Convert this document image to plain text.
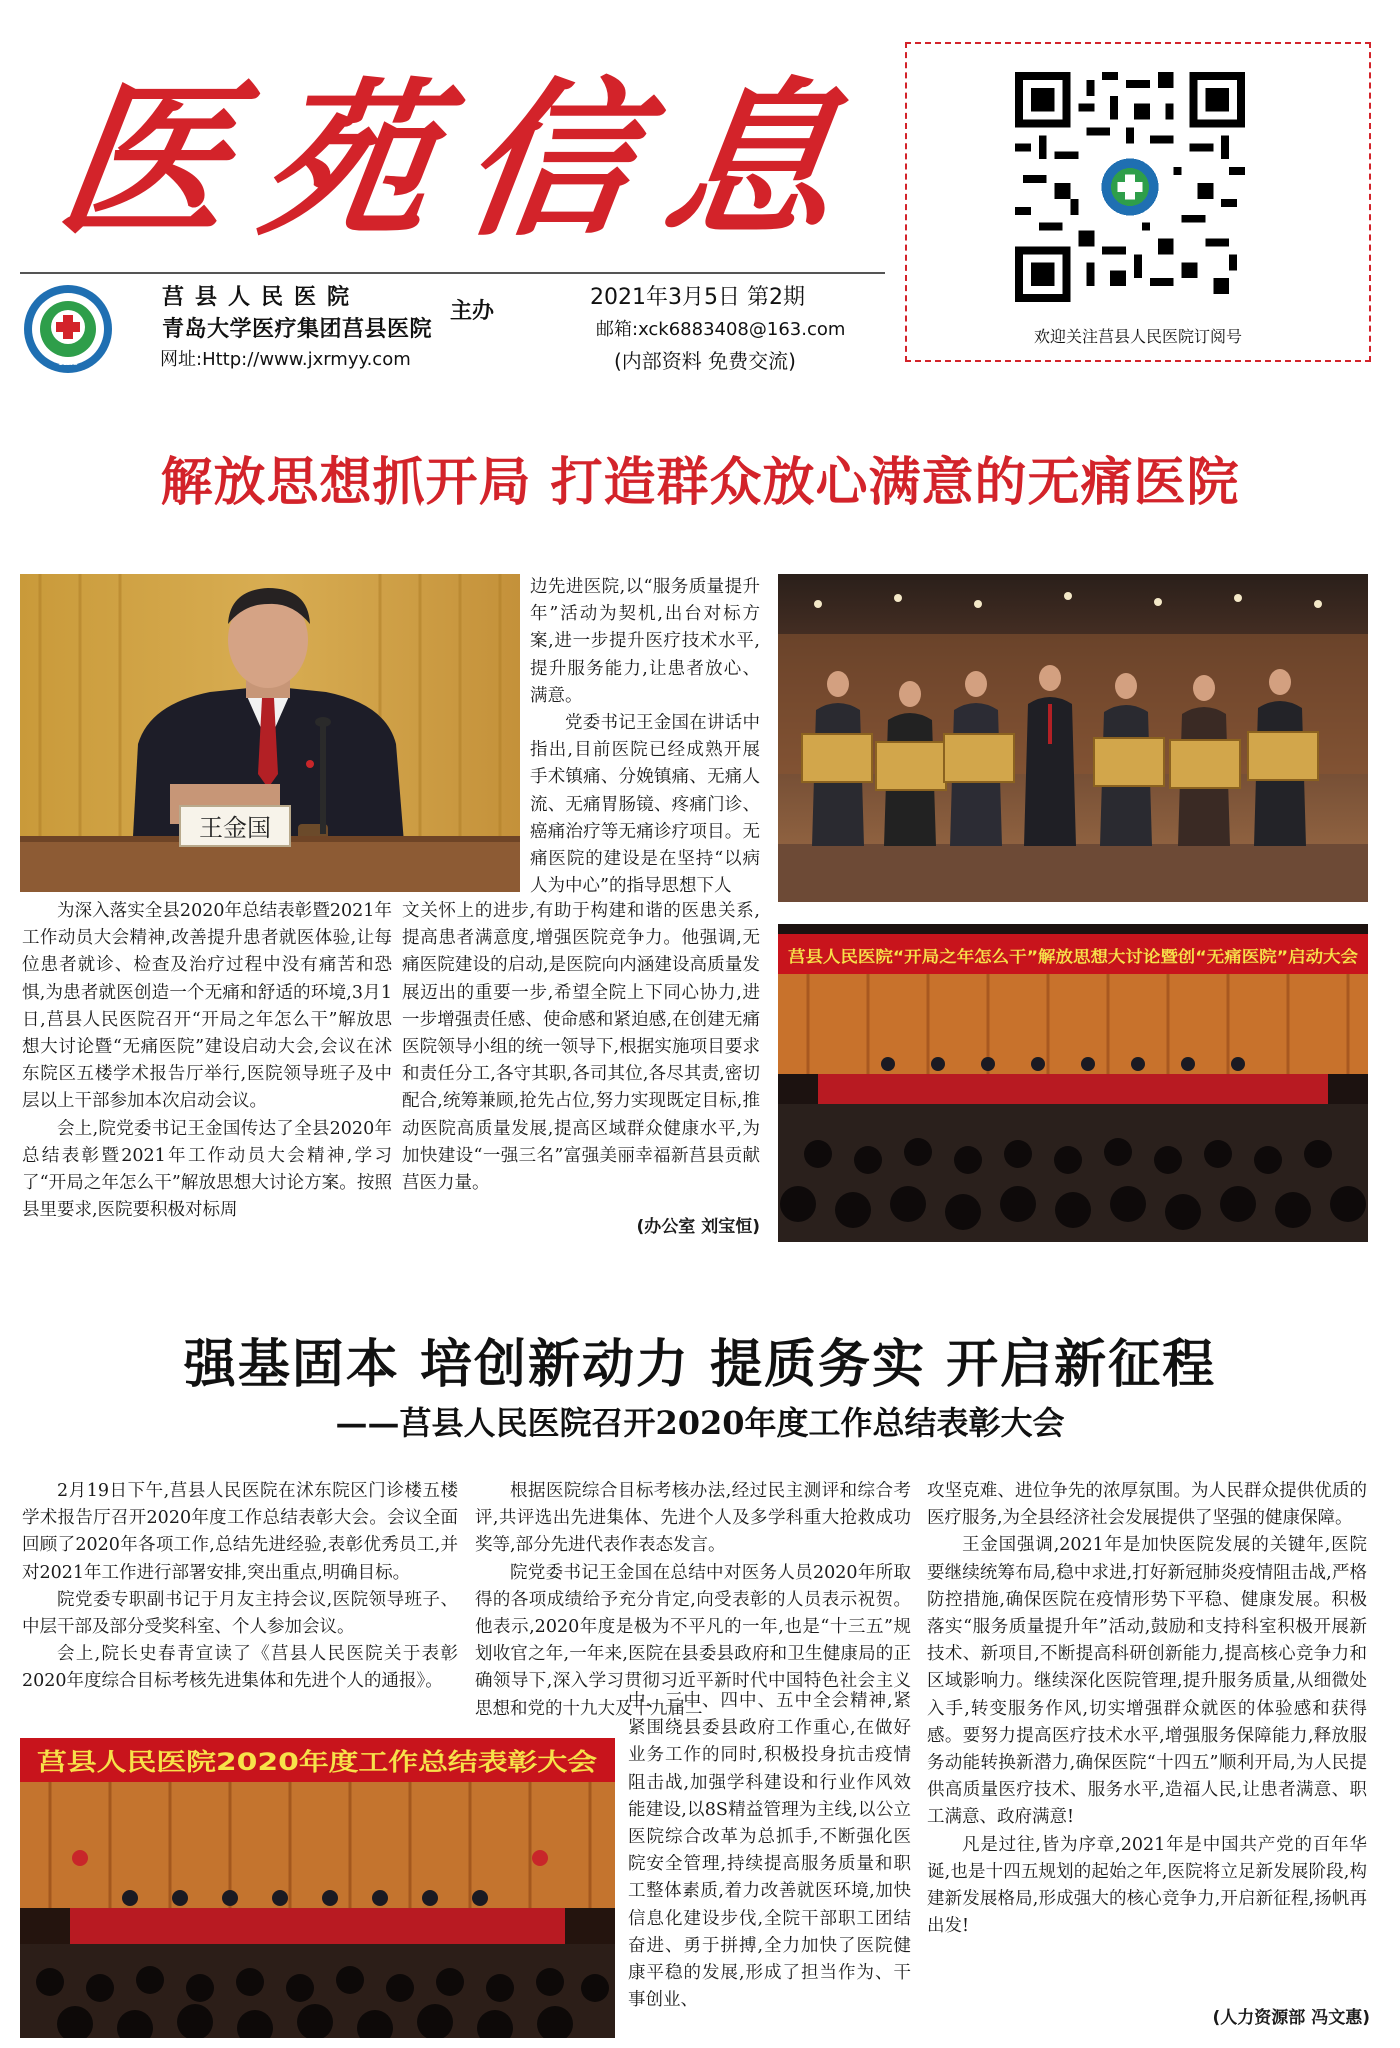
医苑信息
1943
莒县人民医院
青岛大学医疗集团莒县医院
主办
网址:Http://www.jxrmyy.com
2021年3月5日 第2期
邮箱:xck6883408@163.com
(内部资料 免费交流)
欢迎关注莒县人民医院订阅号
解放思想抓开局 打造群众放心满意的无痛医院
王金国

边先进医院,以“服务质量提升年”活动为契机,出台对标方案,进一步提升医疗技术水平,提升服务能力,让患者放心、满意。

党委书记王金国在讲话中指出,目前医院已经成熟开展手术镇痛、分娩镇痛、无痛人流、无痛胃肠镜、疼痛门诊、癌痛治疗等无痛诊疗项目。无痛医院的建设是在坚持“以病人为中心”的指导思想下人

莒县人民医院“开局之年怎么干”解放思想大讨论暨创“无痛医院”启动大会

为深入落实全县2020年总结表彰暨2021年工作动员大会精神,改善提升患者就医体验,让每位患者就诊、检查及治疗过程中没有痛苦和恐惧,为患者就医创造一个无痛和舒适的环境,3月1日,莒县人民医院召开“开局之年怎么干”解放思想大讨论暨“无痛医院”建设启动大会,会议在沭东院区五楼学术报告厅举行,医院领导班子及中层以上干部参加本次启动会议。

会上,院党委书记王金国传达了全县2020年总结表彰暨2021年工作动员大会精神,学习了“开局之年怎么干”解放思想大讨论方案。按照县里要求,医院要积极对标周

文关怀上的进步,有助于构建和谐的医患关系,提高患者满意度,增强医院竞争力。他强调,无痛医院建设的启动,是医院向内涵建设高质量发展迈出的重要一步,希望全院上下同心协力,进一步增强责任感、使命感和紧迫感,在创建无痛医院领导小组的统一领导下,根据实施项目要求和责任分工,各守其职,各司其位,各尽其责,密切配合,统筹兼顾,抢先占位,努力实现既定目标,推动医院高质量发展,提高区域群众健康水平,为加快建设“一强三名”富强美丽幸福新莒县贡献莒医力量。

(办公室 刘宝恒)
强基固本 培创新动力 提质务实 开启新征程
——莒县人民医院召开2020年度工作总结表彰大会

2月19日下午,莒县人民医院在沭东院区门诊楼五楼学术报告厅召开2020年度工作总结表彰大会。会议全面回顾了2020年各项工作,总结先进经验,表彰优秀员工,并对2021年工作进行部署安排,突出重点,明确目标。

院党委专职副书记于月友主持会议,医院领导班子、中层干部及部分受奖科室、个人参加会议。

会上,院长史春青宣读了《莒县人民医院关于表彰2020年度综合目标考核先进集体和先进个人的通报》。

根据医院综合目标考核办法,经过民主测评和综合考评,共评选出先进集体、先进个人及多学科重大抢救成功奖等,部分先进代表作表态发言。

院党委书记王金国在总结中对医务人员2020年所取得的各项成绩给予充分肯定,向受表彰的人员表示祝贺。他表示,2020年度是极为不平凡的一年,也是“十三五”规划收官之年,一年来,医院在县委县政府和卫生健康局的正确领导下,深入学习贯彻习近平新时代中国特色社会主义思想和党的十九大及十九届二

中、三中、四中、五中全会精神,紧紧围绕县委县政府工作重心,在做好业务工作的同时,积极投身抗击疫情阻击战,加强学科建设和行业作风效能建设,以8S精益管理为主线,以公立医院综合改革为总抓手,不断强化医院安全管理,持续提高服务质量和职工整体素质,着力改善就医环境,加快信息化建设步伐,全院干部职工团结奋进、勇于拼搏,全力加快了医院健康平稳的发展,形成了担当作为、干事创业、

攻坚克难、进位争先的浓厚氛围。为人民群众提供优质的医疗服务,为全县经济社会发展提供了坚强的健康保障。

王金国强调,2021年是加快医院发展的关键年,医院要继续统筹布局,稳中求进,打好新冠肺炎疫情阻击战,严格防控措施,确保医院在疫情形势下平稳、健康发展。积极落实“服务质量提升年”活动,鼓励和支持科室积极开展新技术、新项目,不断提高科研创新能力,提高核心竞争力和区域影响力。继续深化医院管理,提升服务质量,从细微处入手,转变服务作风,切实增强群众就医的体验感和获得感。要努力提高医疗技术水平,增强服务保障能力,释放服务动能转换新潜力,确保医院“十四五”顺利开局,为人民提供高质量医疗技术、服务水平,造福人民,让患者满意、职工满意、政府满意!

凡是过往,皆为序章,2021年是中国共产党的百年华诞,也是十四五规划的起始之年,医院将立足新发展阶段,构建新发展格局,形成强大的核心竞争力,开启新征程,扬帆再出发!

(人力资源部 冯文惠)
莒县人民医院2020年度工作总结表彰大会
